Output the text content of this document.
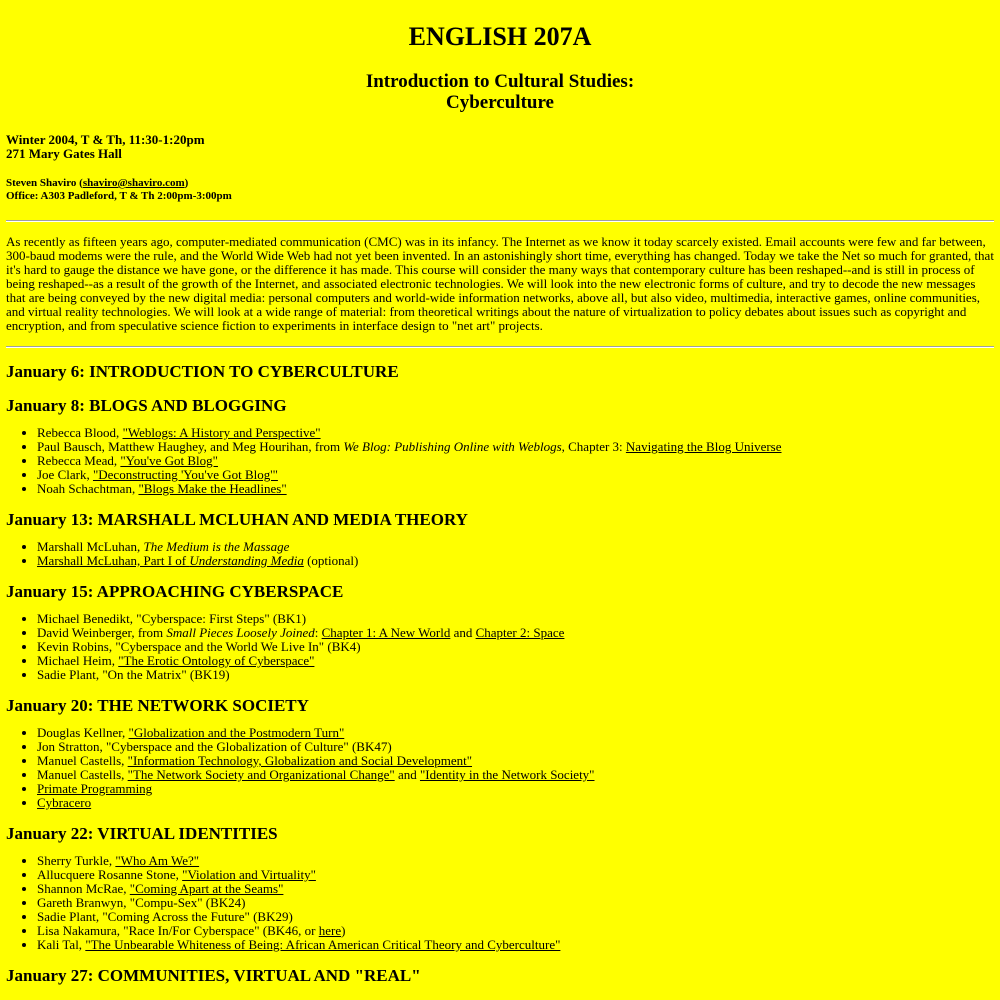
ENGLISH 207A
Introduction to Cultural Studies:
Cyberculture
Winter 2004, T & Th, 11:30-1:20pm
271 Mary Gates Hall
Steven Shaviro (shaviro@shaviro.com)
Office: A303 Padleford, T & Th 2:00pm-3:00pm
As recently as fifteen years ago, computer-mediated communication (CMC) was in its infancy. The Internet as we know it today scarcely existed. Email accounts were few and far between, 300-baud modems were the rule, and the World Wide Web had not yet been invented. In an astonishingly short time, everything has changed. Today we take the Net so much for granted, that it's hard to gauge the distance we have gone, or the difference it has made. This course will consider the many ways that contemporary culture has been reshaped--and is still in process of being reshaped--as a result of the growth of the Internet, and associated electronic technologies. We will look into the new electronic forms of culture, and try to decode the new messages that are being conveyed by the new digital media: personal computers and world-wide information networks, above all, but also video, multimedia, interactive games, online communities, and virtual reality technologies. We will look at a wide range of material: from theoretical writings about the nature of virtualization to policy debates about issues such as copyright and encryption, and from speculative science fiction to experiments in interface design to "net art" projects.
January 6: INTRODUCTION TO CYBERCULTURE
January 8: BLOGS AND BLOGGING
• Rebecca Blood, "Weblogs: A History and Perspective"
• Paul Bausch, Matthew Haughey, and Meg Hourihan, from We Blog: Publishing Online with Weblogs, Chapter 3: Navigating the Blog Universe
• Rebecca Mead, "You've Got Blog"
• Joe Clark, "Deconstructing 'You've Got Blog'"
• Noah Schachtman, "Blogs Make the Headlines"
January 13: MARSHALL MCLUHAN AND MEDIA THEORY
• Marshall McLuhan, The Medium is the Massage
• Marshall McLuhan, Part I of Understanding Media (optional)
January 15: APPROACHING CYBERSPACE
• Michael Benedikt, "Cyberspace: First Steps" (BK1)
• David Weinberger, from Small Pieces Loosely Joined: Chapter 1: A New World and Chapter 2: Space
• Kevin Robins, "Cyberspace and the World We Live In" (BK4)
• Michael Heim, "The Erotic Ontology of Cyberspace"
• Sadie Plant, "On the Matrix" (BK19)
January 20: THE NETWORK SOCIETY
• Douglas Kellner, "Globalization and the Postmodern Turn"
• Jon Stratton, "Cyberspace and the Globalization of Culture" (BK47)
• Manuel Castells, "Information Technology, Globalization and Social Development"
• Manuel Castells, "The Network Society and Organizational Change" and "Identity in the Network Society"
• Primate Programming
• Cybracero
January 22: VIRTUAL IDENTITIES
• Sherry Turkle, "Who Am We?"
• Allucquere Rosanne Stone, "Violation and Virtuality"
• Shannon McRae, "Coming Apart at the Seams"
• Gareth Branwyn, "Compu-Sex" (BK24)
• Sadie Plant, "Coming Across the Future" (BK29)
• Lisa Nakamura, "Race In/For Cyberspace" (BK46, or here)
• Kali Tal, "The Unbearable Whiteness of Being: African American Critical Theory and Cyberculture"
January 27: COMMUNITIES, VIRTUAL AND "REAL"
